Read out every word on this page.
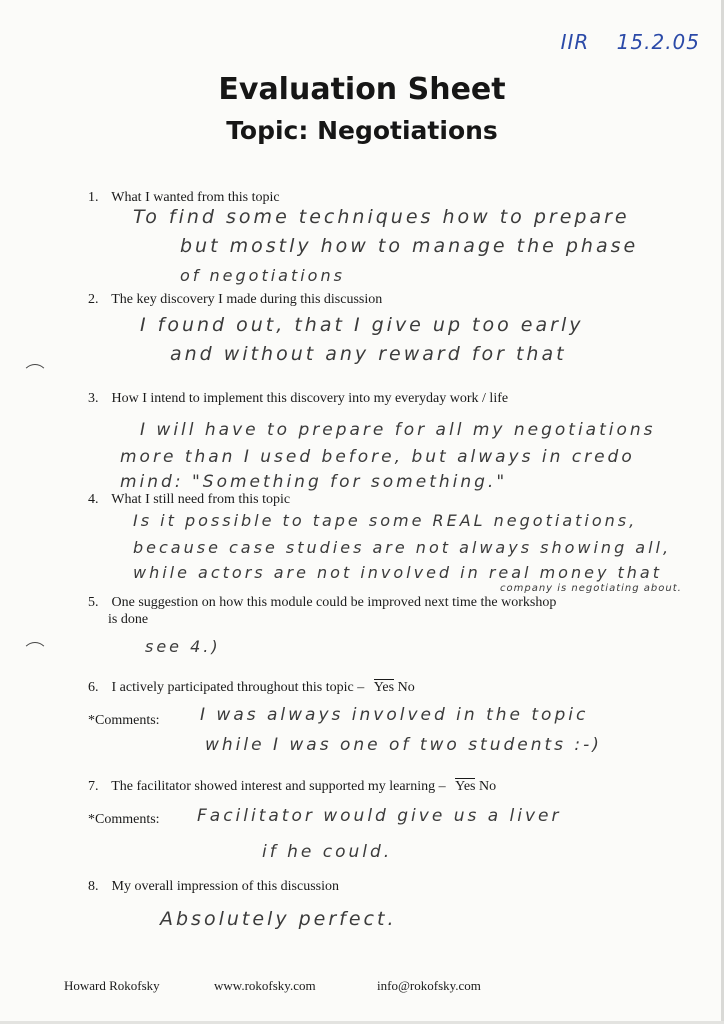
IIR 15.2.05
Evaluation Sheet
Topic: Negotiations
1. What I wanted from this topic
To find some techniques how to prepare
but mostly how to manage the phase
of negotiations
2. The key discovery I made during this discussion
I found out, that I give up too early
and without any reward for that
3. How I intend to implement this discovery into my everyday work / life
I will have to prepare for all my negotiations
more than I used before, but always in credo
mind: "Something for something."
4. What I still need from this topic
Is it possible to tape some REAL negotiations,
because case studies are not always showing all,
while actors are not involved in real money that
company is negotiating about.
5. One suggestion on how this module could be improved next time the workshop
is done
see 4.)
6. I actively participated throughout this topic – Yes No
*Comments: I was always involved in the topic
while I was one of two students :-)
7. The facilitator showed interest and supported my learning – Yes No
*Comments: Facilitator would give us a liver
if he could.
8. My overall impression of this discussion
Absolutely perfect.
Howard Rokofsky	www.rokofsky.com	info@rokofsky.com
